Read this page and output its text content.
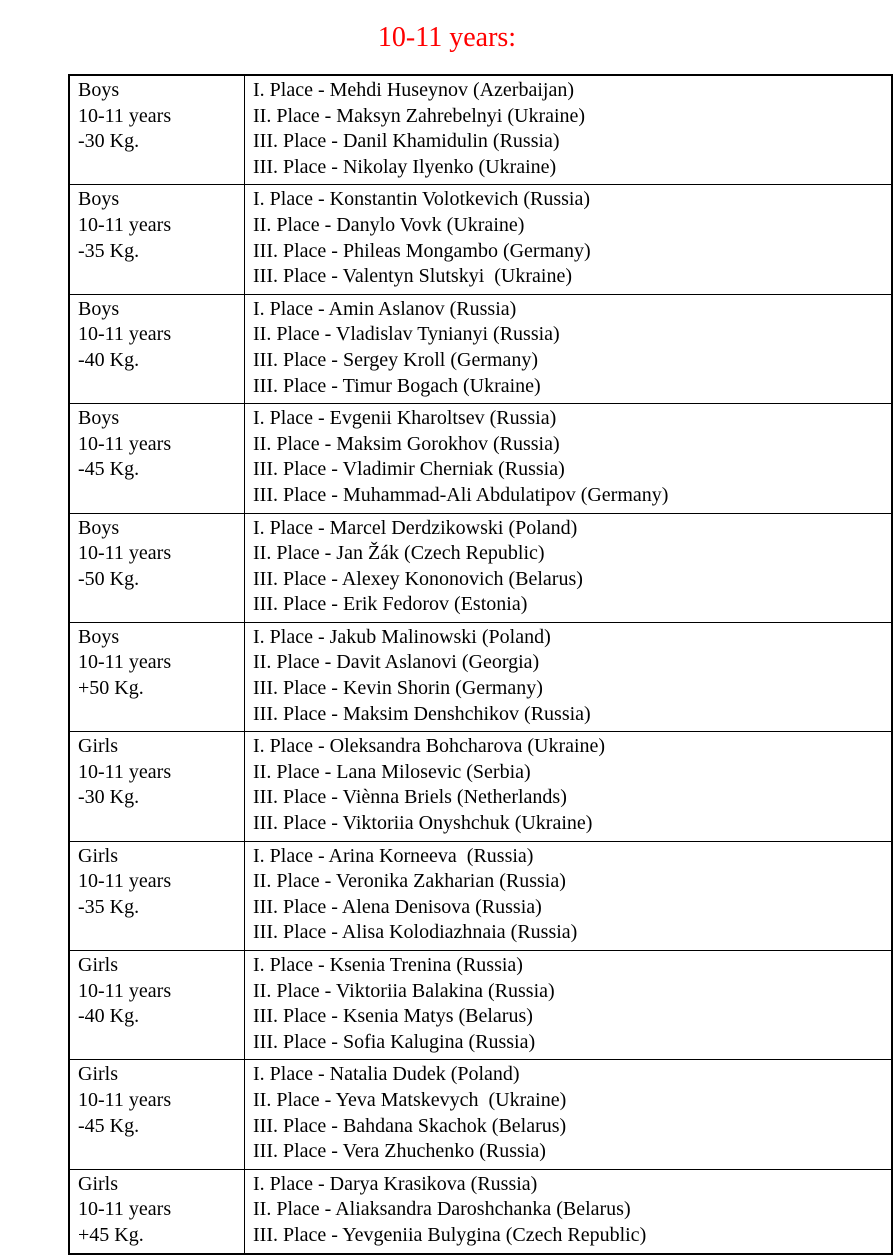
10-11 years:
Boys
10-11 years
-30 Kg.

I. Place - Mehdi Huseynov (Azerbaijan)
II. Place - Maksyn Zahrebelnyi (Ukraine)
III. Place - Danil Khamidulin (Russia)
III. Place - Nikolay Ilyenko (Ukraine)

Boys
10-11 years
-35 Kg.

I. Place - Konstantin Volotkevich (Russia)
II. Place - Danylo Vovk (Ukraine)
III. Place - Phileas Mongambo (Germany)
III. Place - Valentyn Slutskyi  (Ukraine)

Boys
10-11 years
-40 Kg.

I. Place - Amin Aslanov (Russia)
II. Place - Vladislav Tynianyi (Russia)
III. Place - Sergey Kroll (Germany)
III. Place - Timur Bogach (Ukraine)

Boys
10-11 years
-45 Kg.

I. Place - Evgenii Kharoltsev (Russia)
II. Place - Maksim Gorokhov (Russia)
III. Place - Vladimir Cherniak (Russia)
III. Place - Muhammad-Ali Abdulatipov (Germany)

Boys
10-11 years
-50 Kg.

I. Place - Marcel Derdzikowski (Poland)
II. Place - Jan Žák (Czech Republic)
III. Place - Alexey Kononovich (Belarus)
III. Place - Erik Fedorov (Estonia)

Boys
10-11 years
+50 Kg.

I. Place - Jakub Malinowski (Poland)
II. Place - Davit Aslanovi (Georgia)
III. Place - Kevin Shorin (Germany)
III. Place - Maksim Denshchikov (Russia)

Girls
10-11 years
-30 Kg.

I. Place - Oleksandra Bohcharova (Ukraine)
II. Place - Lana Milosevic (Serbia)
III. Place - Viènna Briels (Netherlands)
III. Place - Viktoriia Onyshchuk (Ukraine)

Girls
10-11 years
-35 Kg.

I. Place - Arina Korneeva  (Russia)
II. Place - Veronika Zakharian (Russia)
III. Place - Alena Denisova (Russia)
III. Place - Alisa Kolodiazhnaia (Russia)

Girls
10-11 years
-40 Kg.

I. Place - Ksenia Trenina (Russia)
II. Place - Viktoriia Balakina (Russia)
III. Place - Ksenia Matys (Belarus)
III. Place - Sofia Kalugina (Russia)

Girls
10-11 years
-45 Kg.

I. Place - Natalia Dudek (Poland)
II. Place - Yeva Matskevych  (Ukraine)
III. Place - Bahdana Skachok (Belarus)
III. Place - Vera Zhuchenko (Russia)

Girls
10-11 years
+45 Kg.

I. Place - Darya Krasikova (Russia)
II. Place - Aliaksandra Daroshchanka (Belarus)
III. Place - Yevgeniia Bulygina (Czech Republic)
